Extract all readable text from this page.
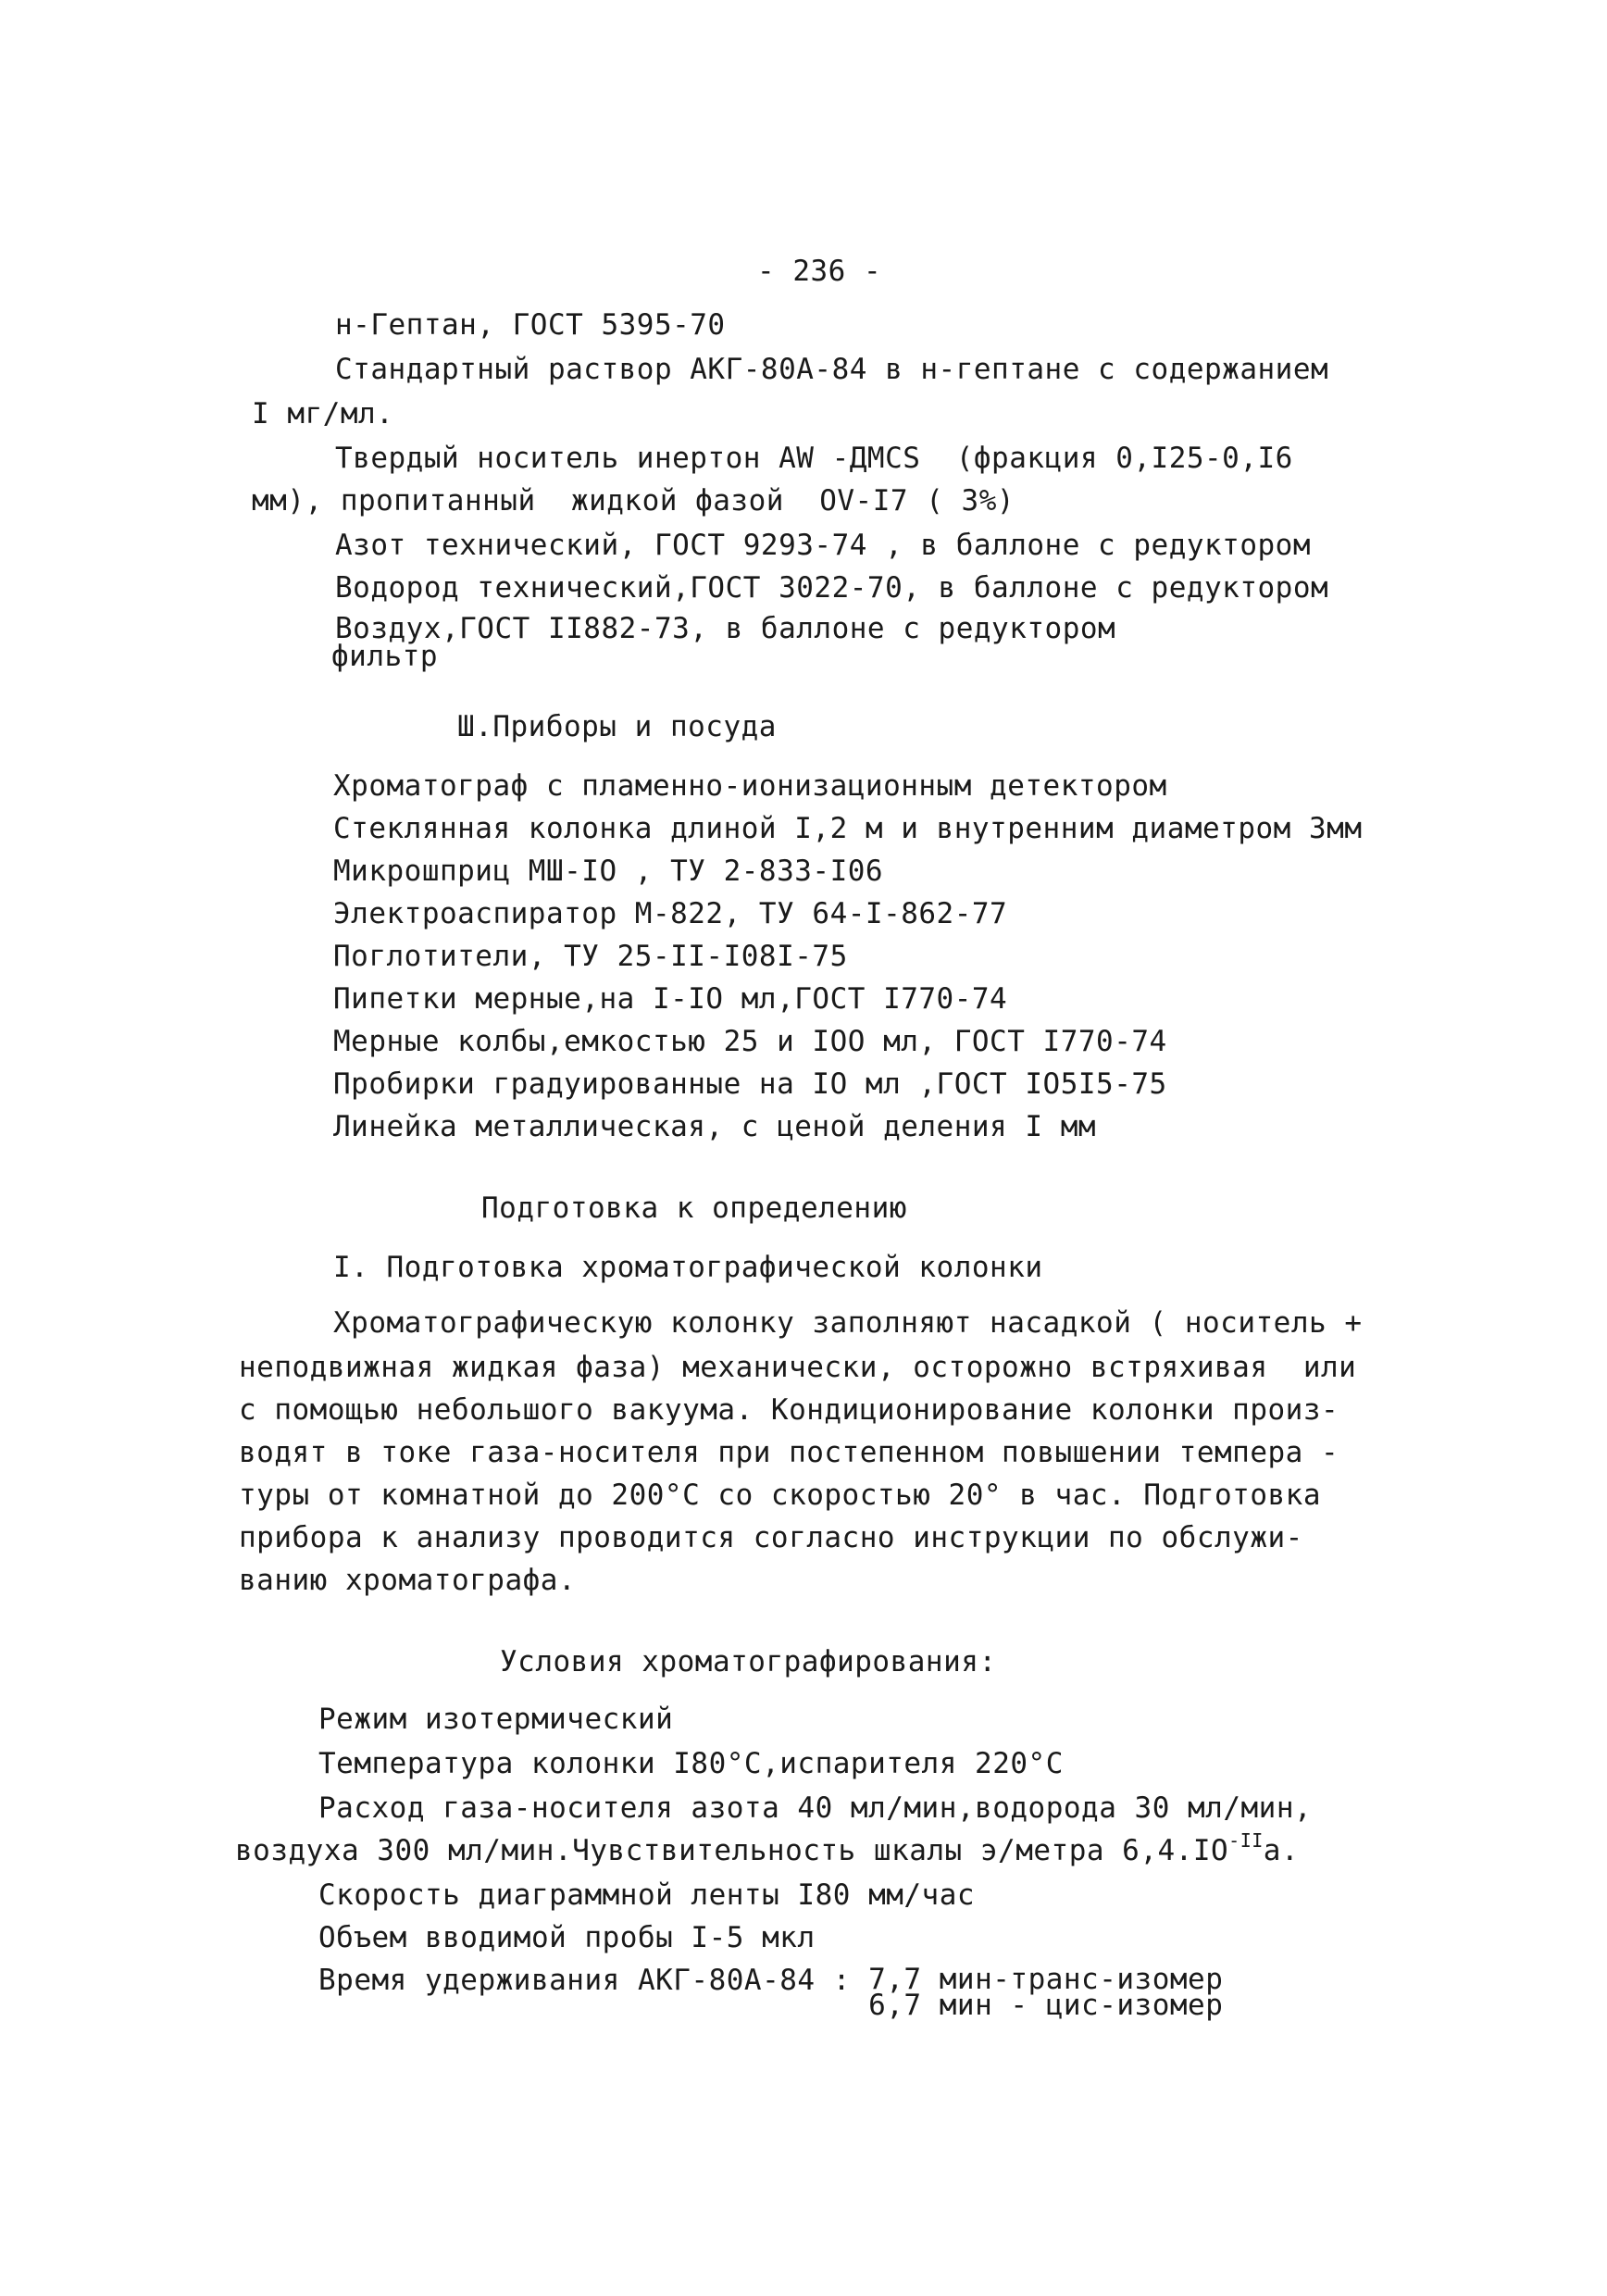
- 236 -
н-Гептан, ГОСТ 5395-70
Стандартный раствор АКГ-80А-84 в н-гептане с содержанием
I мг/мл.
Твердый носитель инертон AW -ДМСS  (фракция 0,I25-0,I6
мм), пропитанный  жидкой фазой  OV-I7 ( 3%)
Азот технический, ГОСТ 9293-74 , в баллоне с редуктором
Водород технический,ГОСТ 3022-70, в баллоне с редуктором
Воздух,ГОСТ II882-73, в баллоне с редуктором
фильтр
Ш.Приборы и посуда
Хроматограф с пламенно-ионизационным детектором
Стеклянная колонка длиной I,2 м и внутренним диаметром 3мм
Микрошприц МШ-IO , ТУ 2-833-I06
Электроаспиратор М-822, ТУ 64-I-862-77
Поглотители, ТУ 25-II-I08I-75
Пипетки мерные,на I-IO мл,ГОСТ I770-74
Мерные колбы,емкостью 25 и IOO мл, ГОСТ I770-74
Пробирки градуированные на IO мл ,ГОСТ IO5I5-75
Линейка металлическая, с ценой деления I мм
Подготовка к определению
I. Подготовка хроматографической колонки
Хроматографическую колонку заполняют насадкой ( носитель +
неподвижная жидкая фаза) механически, осторожно встряхивая  или
с помощью небольшого вакуума. Кондиционирование колонки произ-
водят в токе газа-носителя при постепенном повышении темпера -
туры от комнатной до 200°С со скоростью 20° в час. Подготовка
прибора к анализу проводится согласно инструкции по обслужи-
ванию хроматографа.
Условия хроматографирования:
Режим изотермический
Температура колонки I80°С,испарителя 220°С
Расход газа-носителя азота 40 мл/мин,водорода 30 мл/мин,
воздуха 300 мл/мин.Чувствительность шкалы э/метра $6,4.IO^{-II}а$.
Скорость диаграммной ленты I80 мм/час
Объем вводимой пробы I-5 мкл
Время удерживания АКГ-80А-84 : 7,7 мин-транс-изомер
6,7 мин - цис-изомер
